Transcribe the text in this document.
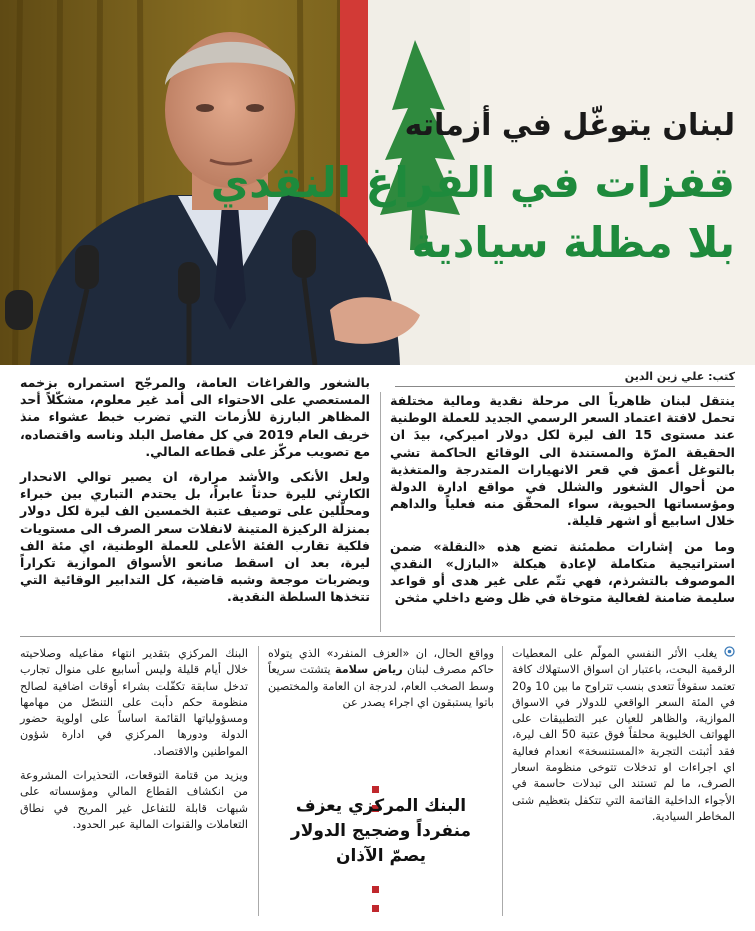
لبنان يتوغّل في أزماته
قفزات في الفراغ النقدي
بلا مظلة سيادية
كتب: علي زين الدين

ينتقل لبنان ظاهرياً الى مرحلة نقدية ومالية مختلفة تحمل لافتة اعتماد السعر الرسمي الجديد للعملة الوطنية عند مستوى 15 الف ليرة لكل دولار اميركي، بيدَ ان الحقيقة المرّة والمستندة الى الوقائع الحاكمة تشي بالتوغل أعمق في قعر الانهيارات المتدرجة والمتغذية من أحوال الشغور والشلل في مواقع ادارة الدولة ومؤسساتها الحيوية، سواء المحقّق منه فعلياً والداهم خلال اسابيع أو اشهر قليلة.

وما من إشارات مطمئنة تضع هذه «النقلة» ضمن استراتيجية متكاملة لإعادة هيكلة «البازل» النقدي الموصوف بالتشرذم، فهي تتّم على غير هدى أو قواعد سليمة ضامنة لفعالية متوخاة في ظل وضع داخلي مثخن

بالشغور والفراغات العامة، والمرجّح استمراره بزخمه المستعصي على الاحتواء الى أمد غير معلوم، مشكّلاً أحد المظاهر البارزة للأزمات التي تضرب خبط عشواء منذ خريف العام 2019 في كل مفاصل البلد وناسه واقتصاده، مع تصويب مركّز على قطاعه المالي.

ولعل الأنكى والأشد مرارة، ان يصير توالي الانحدار الكارثي لليرة حدثاً عابراً، بل يحتدم التباري بين خبراء ومحلّلين على توصيف عتبة الخمسين الف ليرة لكل دولار بمنزلة الركيزة المتينة لانفلات سعر الصرف الى مستويات فلكية تقارب الفئة الأعلى للعملة الوطنية، اي مئة الف ليرة، بعد ان اسقط صانعو الأسواق الموازية تكراراً وبضربات موجعة وشبه قاضية، كل التدابير الوقائية التي تتخذها السلطة النقدية.

يغلب الأثر النفسي المولّم على المعطيات الرقمية البحت، باعتبار ان اسواق الاستهلاك كافة تعتمد سقوفاً تتعدى بنسب تتراوح ما بين 10 و20 في المئة السعر الواقعي للدولار في الاسواق الموازية، والظاهر للعيان عبر التطبيقات على الهواتف الخليوية محلقاً فوق عتبة 50 الف ليرة، فقد أثبتت التجربة «المستنسخة» انعدام فعالية اي اجراءات او تدخلات تتوخى منظومة اسعار الصرف، ما لم تستند الى تبدلات حاسمة في الأجواء الداخلية القاتمة التي تتكفل بتعظيم شتى المخاطر السيادية.

وواقع الحال، ان «العزف المنفرد» الذي يتولاه حاكم مصرف لبنان رياض سلامة يتشتت سريعاً وسط الصخب العام، لدرجة ان العامة والمختصين باتوا يستبقون اي اجراء يصدر عن

البنك المركزي يعزف
منفرداً وضجيج الدولار
يصمّ الآذان

البنك المركزي بتقدير انتهاء مفاعيله وصلاحيته خلال أيام قليلة وليس أسابيع على منوال تجارب تدخل سابقة تكفّلت بشراء أوقات اضافية لصالح منظومة حكم دأبت على التنصّل من مهامها ومسؤولياتها القائمة اساساً على اولوية حضور الدولة ودورها المركزي في ادارة شؤون المواطنين والاقتصاد.

ويزيد من قتامة التوقعات، التحذيرات المشروعة من انكشاف القطاع المالي ومؤسساته على شبهات قابلة للتفاعل غير المريح في نطاق التعاملات والقنوات المالية عبر الحدود.
